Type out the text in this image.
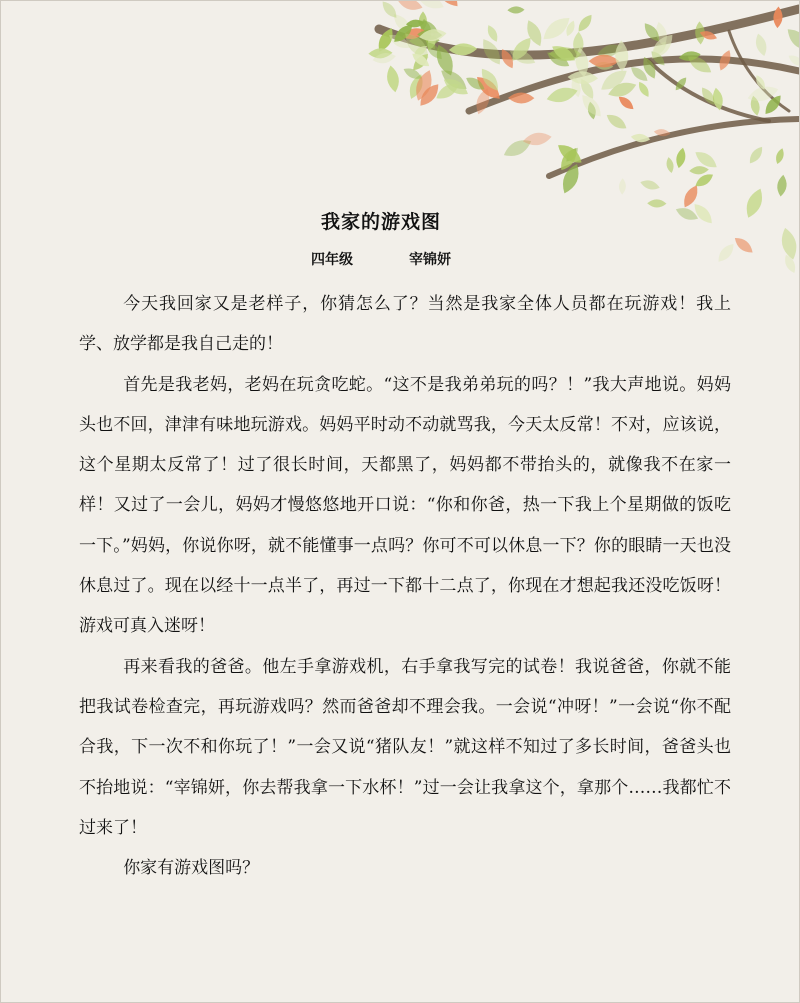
我家的游戏图
四年级	宰锦妍

今天我回家又是老样子，你猜怎么了？当然是我家全体人员都在玩游戏！我上学、放学都是我自己走的！

首先是我老妈，老妈在玩贪吃蛇。“这不是我弟弟玩的吗？！”我大声地说。妈妈头也不回，津津有味地玩游戏。妈妈平时动不动就骂我，今天太反常！不对，应该说，这个星期太反常了！过了很长时间，天都黑了，妈妈都不带抬头的，就像我不在家一样！又过了一会儿，妈妈才慢悠悠地开口说：“你和你爸，热一下我上个星期做的饭吃一下。”妈妈，你说你呀，就不能懂事一点吗？你可不可以休息一下？你的眼睛一天也没休息过了。现在以经十一点半了，再过一下都十二点了，你现在才想起我还没吃饭呀！游戏可真入迷呀！

再来看我的爸爸。他左手拿游戏机，右手拿我写完的试卷！我说爸爸，你就不能把我试卷检查完，再玩游戏吗？然而爸爸却不理会我。一会说“冲呀！”一会说“你不配合我，下一次不和你玩了！”一会又说“猪队友！”就这样不知过了多长时间，爸爸头也不抬地说：“宰锦妍，你去帮我拿一下水杯！”过一会让我拿这个，拿那个……我都忙不过来了！

你家有游戏图吗？
